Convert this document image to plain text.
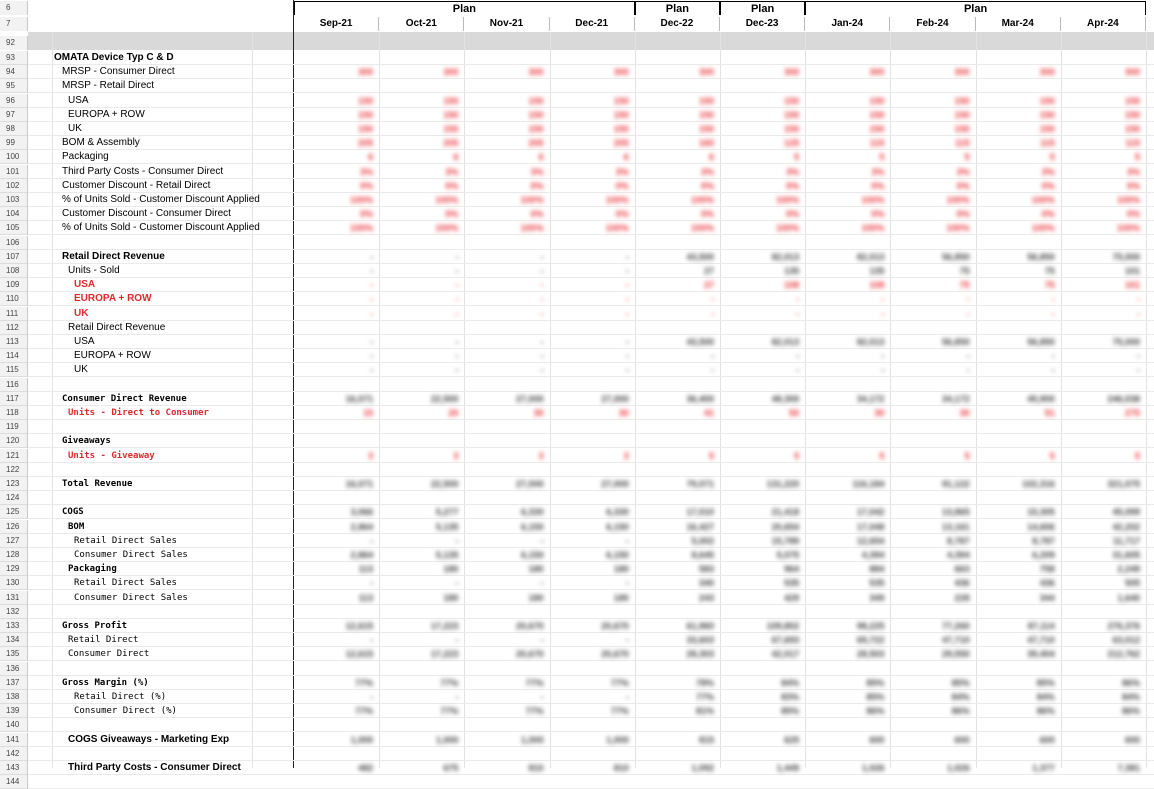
6
7
Plan	Plan	Plan	Plan
Sep-21	Oct-21	Nov-21	Dec-21	Dec-22	Dec-23	Jan-24	Feb-24	Mar-24	Apr-24
92
93	OMATA Device Typ C & D
94	MRSP - Consumer Direct	300	300	300	300	300	300	300	300	300	300
95	MRSP - Retail Direct
96	USA	150	150	150	150	150	150	150	150	150	150
97	EUROPA + ROW	150	150	150	150	150	150	150	150	150	150
98	UK	150	150	150	150	150	150	150	150	150	150
99	BOM & Assembly	205	205	205	205	160	125	115	115	115	115
100	Packaging	6	6	6	6	6	5	5	5	5	5
101	Third Party Costs - Consumer Direct	3%	3%	3%	3%	3%	3%	3%	3%	3%	3%
102	Customer Discount - Retail Direct	0%	0%	0%	0%	0%	0%	0%	0%	0%	0%
103	% of Units Sold - Customer Discount Applied	100%	100%	100%	100%	100%	100%	100%	100%	100%	100%
104	Customer Discount - Consumer Direct	0%	0%	0%	0%	0%	0%	0%	0%	0%	0%
105	% of Units Sold - Customer Discount Applied	100%	100%	100%	100%	100%	100%	100%	100%	100%	100%
106
107	Retail Direct Revenue	-	-	-	-	43,500	82,013	82,013	56,850	56,850	75,000
108	Units - Sold	-	-	-	-	27	135	135	75	75	101
109	USA	-	-	-	-	27	108	108	75	75	101
110	EUROPA + ROW	-	-	-	-	-	-	-	-	-	-
111	UK	-	-	-	-	-	-	-	-	-	-
112	Retail Direct Revenue
113	USA	-	-	-	-	43,500	82,013	82,013	56,850	56,850	75,000
114	EUROPA + ROW	-	-	-	-	-	-	-	-	-	-
115	UK	-	-	-	-	-	-	-	-	-	-
116
117	Consumer Direct Revenue	16,071	22,500	27,000	27,000	36,400	48,300	34,172	34,172	45,900	246,038
118	Units - Direct to Consumer	15	20	30	30	41	50	30	30	51	275
119
120	Giveaways
121	Units - Giveaway	3	3	3	3	5	5	5	5	5	5
122
123	Total Revenue	16,071	22,500	27,000	27,000	79,071	131,220	116,184	91,122	102,316	321,075
124
125	COGS	3,066	5,277	6,330	6,330	17,010	21,418	17,042	13,865	15,305	45,099
126	BOM	2,864	5,135	6,150	6,150	16,427	20,654	17,048	13,161	14,606	42,202
127	Retail Direct Sales	-	-	-	-	5,002	15,789	12,654	8,787	8,787	11,717
128	Consumer Direct Sales	2,864	5,135	6,150	6,150	8,645	5,075	4,394	4,394	6,209	31,605
129	Packaging	113	180	180	180	583	964	884	663	758	2,249
130	Retail Direct Sales	-	-	-	-	340	535	535	436	436	505
131	Consumer Direct Sales	113	180	180	180	243	429	349	228	344	1,640
132
133	Gross Profit	12,615	17,223	20,670	20,670	61,960	109,802	98,225	77,260	87,114	276,376
134	Retail Direct	-	-	-	-	33,603	67,693	69,722	47,710	47,710	63,012
135	Consumer Direct	12,615	17,223	20,670	20,670	28,303	42,017	28,503	29,550	39,404	212,762
136
137	Gross Margin (%)	77%	77%	77%	77%	78%	84%	85%	85%	85%	86%
138	Retail Direct (%)	-	-	-	-	77%	83%	85%	84%	84%	84%
139	Consumer Direct (%)	77%	77%	77%	77%	81%	85%	86%	86%	86%	86%
140
141	COGS Giveaways - Marketing Exp	1,000	1,000	1,000	1,000	815	625	600	600	600	600
142
143	Third Party Costs - Consumer Direct	482	675	810	810	1,092	1,449	1,026	1,026	1,377	7,381
144
